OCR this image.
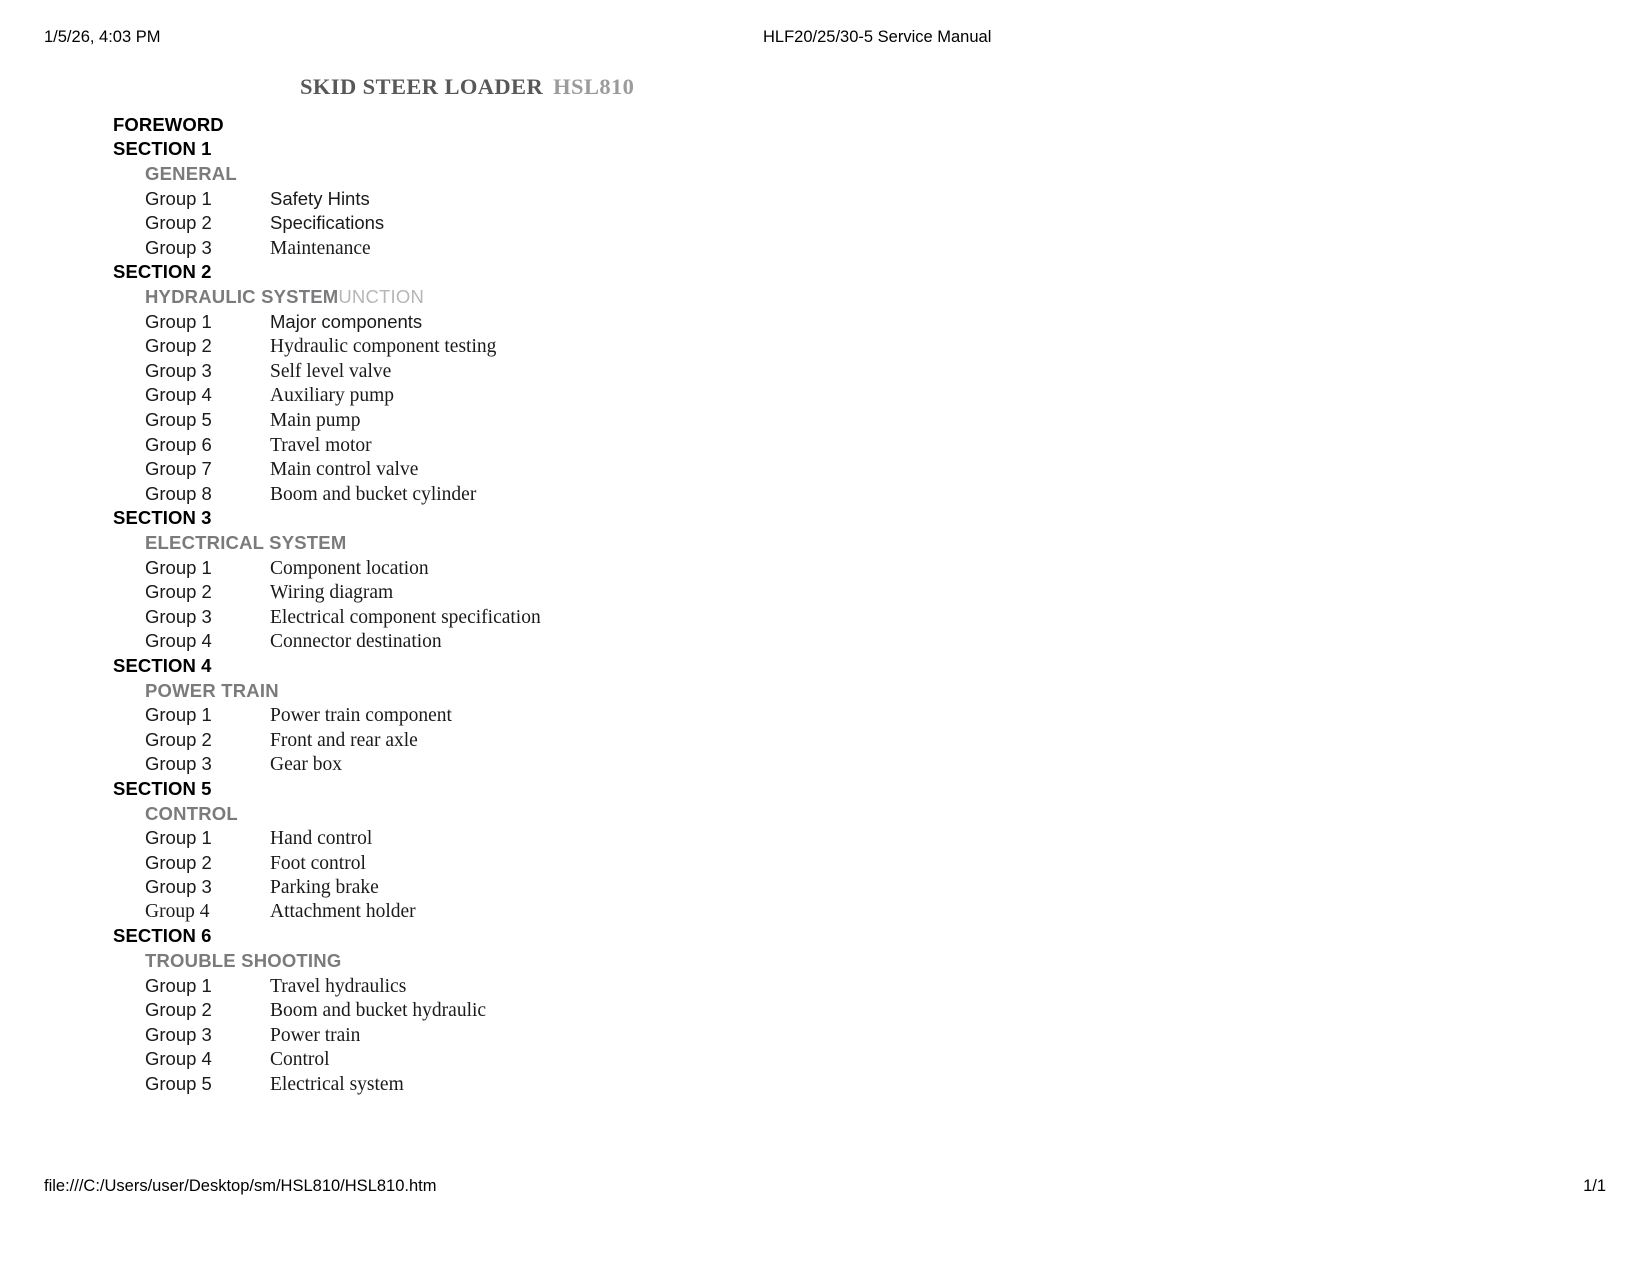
1/5/26, 4:03 PM	HLF20/25/30-5 Service Manual
SKID STEER LOADER HSL810
FOREWORD
SECTION 1
GENERAL
Group 1	Safety Hints
Group 2	Specifications
Group 3	Maintenance
SECTION 2
HYDRAULIC SYSTEMUNCTION
Group 1	Major components
Group 2	Hydraulic component testing
Group 3	Self level valve
Group 4	Auxiliary pump
Group 5	Main pump
Group 6	Travel motor
Group 7	Main control valve
Group 8	Boom and bucket cylinder
SECTION 3
ELECTRICAL SYSTEM
Group 1	Component location
Group 2	Wiring diagram
Group 3	Electrical component specification
Group 4	Connector destination
SECTION 4
POWER TRAIN
Group 1	Power train component
Group 2	Front and rear axle
Group 3	Gear box
SECTION 5
CONTROL
Group 1	Hand control
Group 2	Foot control
Group 3	Parking brake
Group 4	Attachment holder
SECTION 6
TROUBLE SHOOTING
Group 1	Travel hydraulics
Group 2	Boom and bucket hydraulic
Group 3	Power train
Group 4	Control
Group 5	Electrical system
file:///C:/Users/user/Desktop/sm/HSL810/HSL810.htm	1/1
